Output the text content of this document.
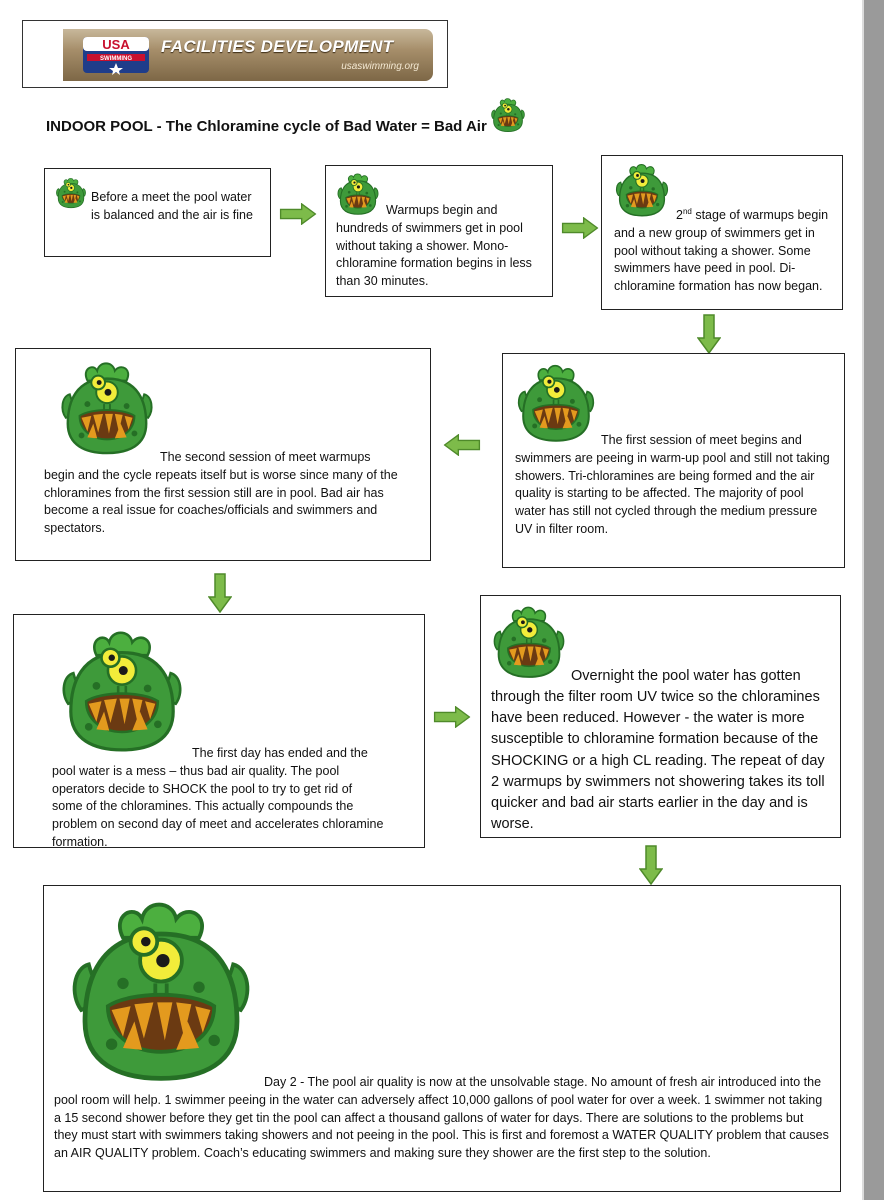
USA
SWIMMING
FACILITIES DEVELOPMENT
usaswimming.org
INDOOR POOL - The Chloramine cycle of Bad Water = Bad Air

Before a meet the pool water is balanced and the air is fine	Warmups begin and hundreds of swimmers get in pool without taking a shower. Mono-chloramine formation begins in less than 30 minutes.

2nd stage of warmups begin and a new group of swimmers get in pool without taking a shower. Some swimmers have peed in pool. Di-chloramine formation has now began.

The first session of meet begins and swimmers are peeing in warm-up pool and still not taking showers. Tri-chloramines are being formed and the air quality is starting to be affected. The majority of pool water has still not cycled through the medium pressure UV in filter room.

The second session of meet warmups begin and the cycle repeats itself but is worse since many of the chloramines from the first session still are in pool. Bad air has become a real issue for coaches/officials and swimmers and spectators.

The first day has ended and the pool water is a mess – thus bad air quality. The pool operators decide to SHOCK the pool to try to get rid of some of the chloramines. This actually compounds the problem on second day of meet and accelerates chloramine formation.

Overnight the pool water has gotten through the filter room UV twice so the chloramines have been reduced. However - the water is more susceptible to chloramine formation because of the SHOCKING or a high CL reading. The repeat of day 2 warmups by swimmers not showering takes its toll quicker and bad air starts earlier in the day and is worse.

Day 2 - The pool air quality is now at the unsolvable stage. No amount of fresh air introduced into the pool room will help. 1 swimmer peeing in the water can adversely affect 10,000 gallons of pool water for over a week. 1 swimmer not taking a 15 second shower before they get tin the pool can affect a thousand gallons of water for days. There are solutions to the problems but they must start with swimmers taking showers and not peeing in the pool. This is first and foremost a WATER QUALITY problem that causes an AIR QUALITY problem. Coach’s educating swimmers and making sure they shower are the first step to the solution.
